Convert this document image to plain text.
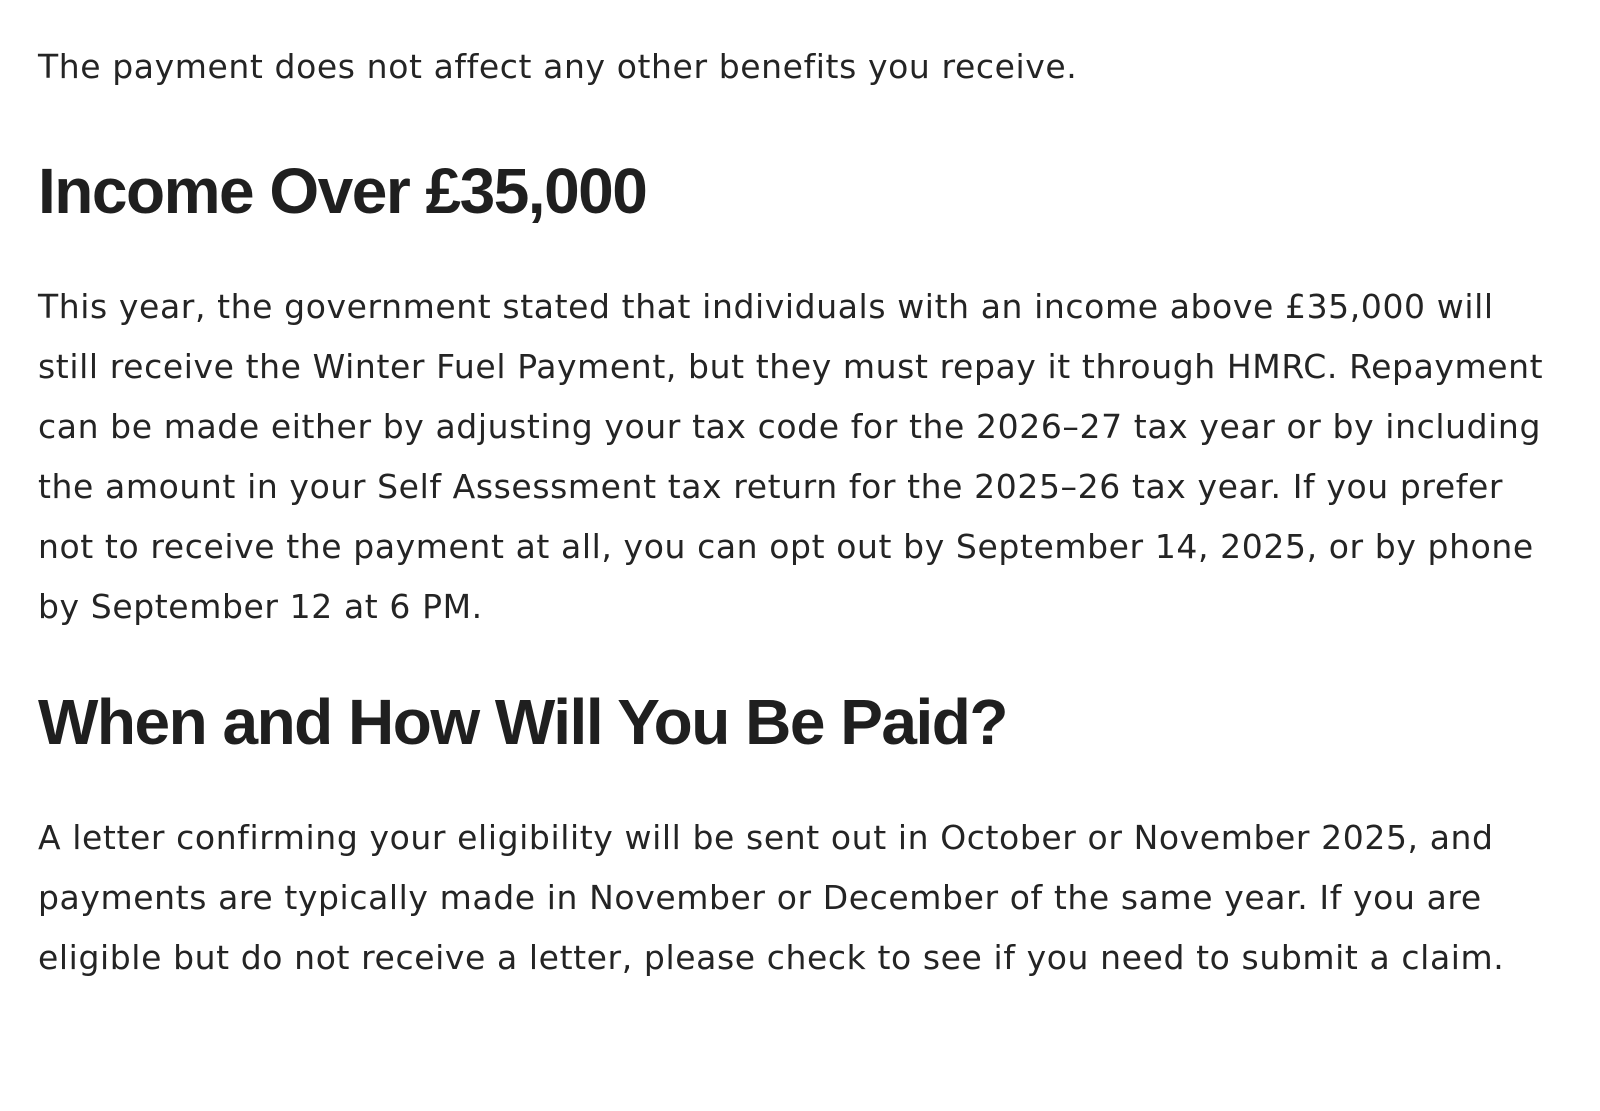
The payment does not affect any other benefits you receive.

Income Over £35,000

This year, the government stated that individuals with an income above £35,000 will still receive the Winter Fuel Payment, but they must repay it through HMRC. Repayment can be made either by adjusting your tax code for the 2026–27 tax year or by including the amount in your Self Assessment tax return for the 2025–26 tax year. If you prefer not to receive the payment at all, you can opt out by September 14, 2025, or by phone by September 12 at 6 PM.

When and How Will You Be Paid?

A letter confirming your eligibility will be sent out in October or November 2025, and payments are typically made in November or December of the same year. If you are eligible but do not receive a letter, please check to see if you need to submit a claim.
